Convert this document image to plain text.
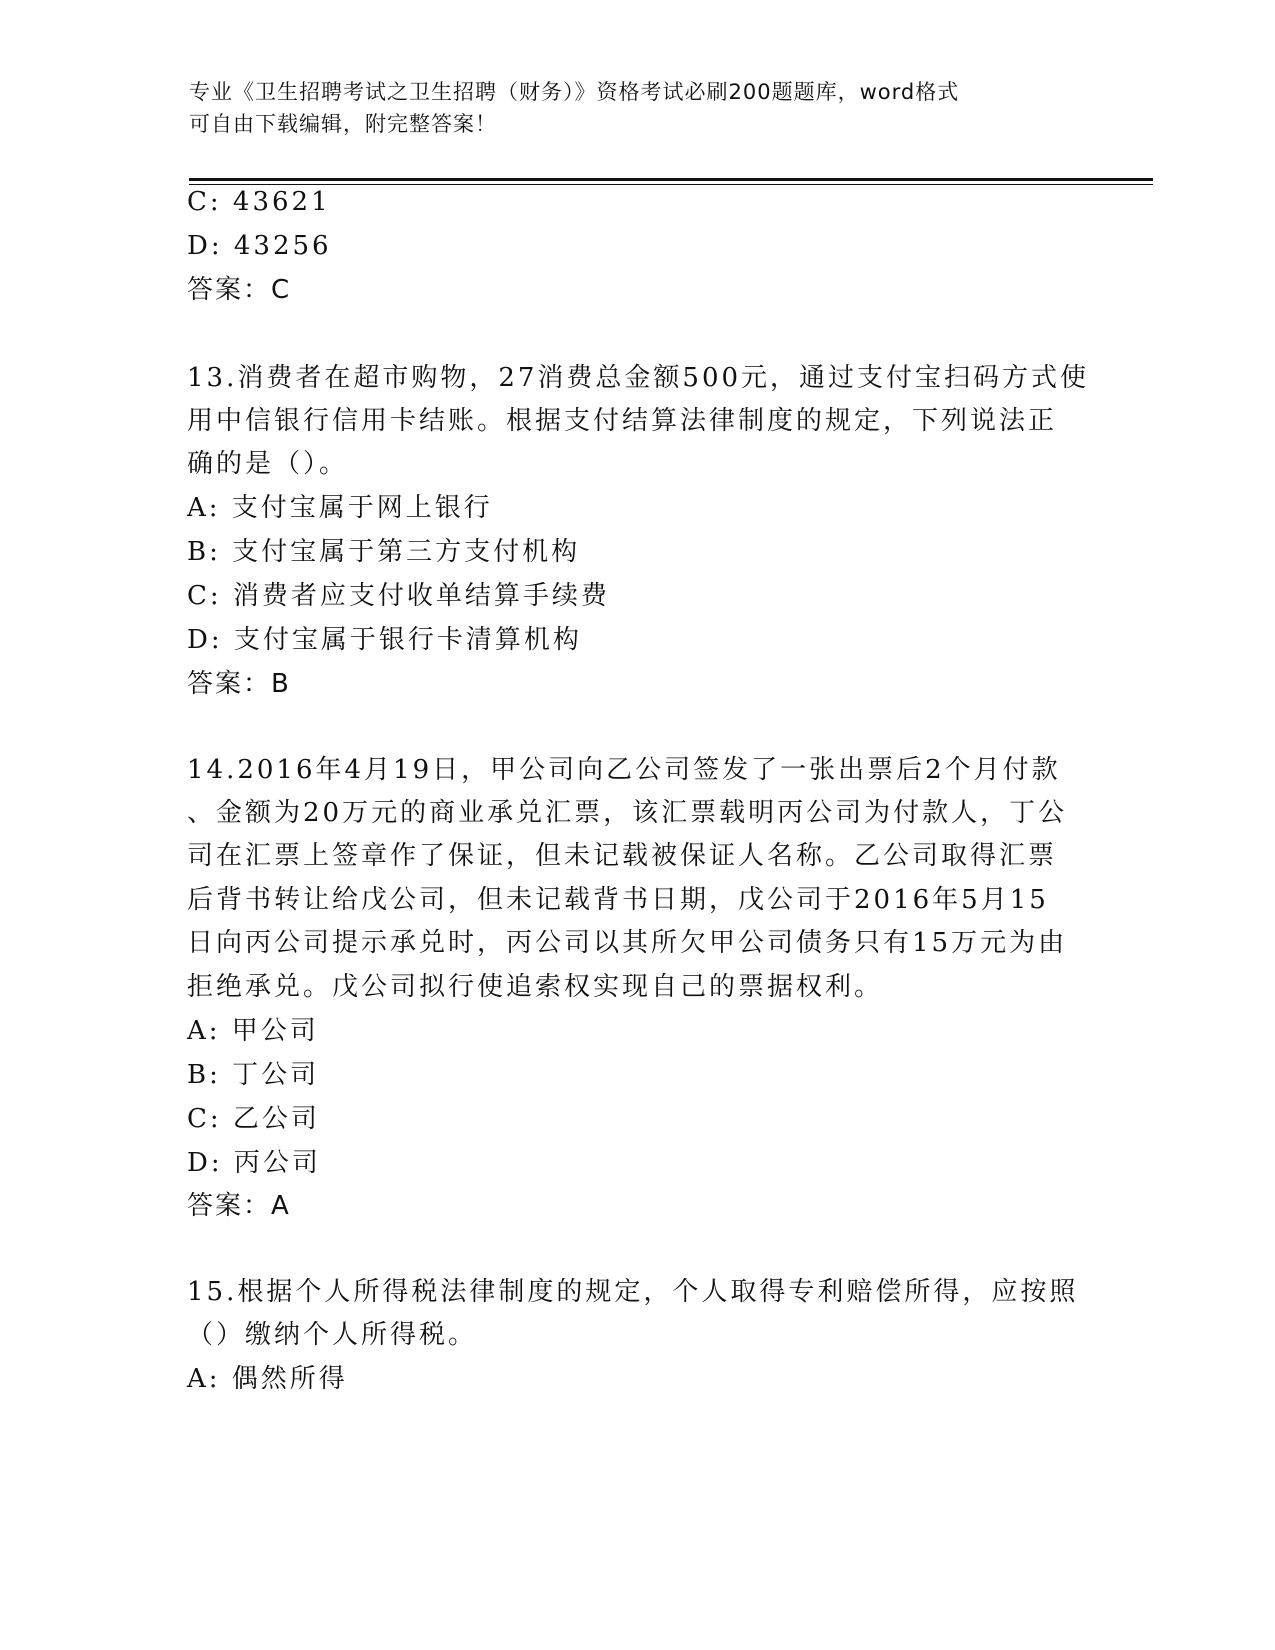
专业《卫生招聘考试之卫生招聘（财务）》资格考试必刷200题题库，word格式
可自由下载编辑，附完整答案！
C: 43621
D: 43256
答案：C
13.消费者在超市购物，27消费总金额500元，通过支付宝扫码方式使
用中信银行信用卡结账。根据支付结算法律制度的规定，下列说法正
确的是（）。
A: 支付宝属于网上银行
B: 支付宝属于第三方支付机构
C: 消费者应支付收单结算手续费
D: 支付宝属于银行卡清算机构
答案：B
14.2016年4月19日，甲公司向乙公司签发了一张出票后2个月付款
、金额为20万元的商业承兑汇票，该汇票载明丙公司为付款人，丁公
司在汇票上签章作了保证，但未记载被保证人名称。乙公司取得汇票
后背书转让给戊公司，但未记载背书日期，戊公司于2016年5月15
日向丙公司提示承兑时，丙公司以其所欠甲公司债务只有15万元为由
拒绝承兑。戊公司拟行使追索权实现自己的票据权利。
A: 甲公司
B: 丁公司
C: 乙公司
D: 丙公司
答案：A
15.根据个人所得税法律制度的规定，个人取得专利赔偿所得，应按照
（）缴纳个人所得税。
A: 偶然所得
